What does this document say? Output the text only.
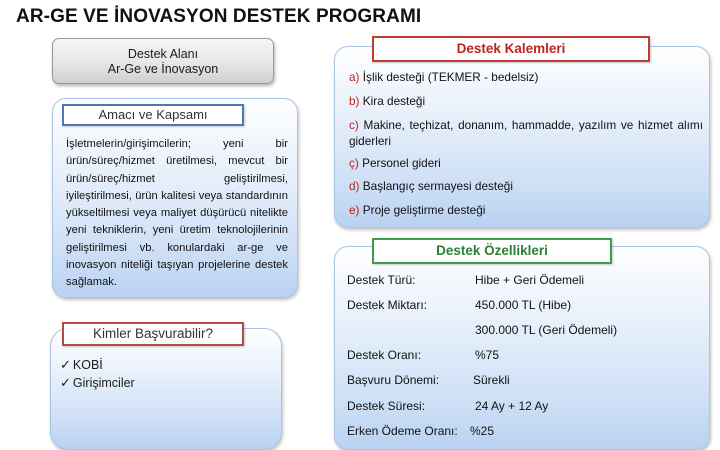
AR-GE VE İNOVASYON DESTEK PROGRAMI
Destek Alanı
Ar-Ge ve İnovasyon
Amacı ve Kapsamı
İşletmelerin/girişimcilerin; yeni bir ürün/süreç/hizmet üretilmesi, mevcut bir ürün/süreç/hizmet geliştirilmesi, iyileştirilmesi, ürün kalitesi veya standardının yükseltilmesi veya maliyet düşürücü nitelikte yeni tekniklerin, yeni üretim teknolojilerinin geliştirilmesi vb. konulardaki ar-ge ve inovasyon niteliği taşıyan projelerine destek sağlamak.
Kimler Başvurabilir?
✓ KOBİ
✓ Girişimciler
Destek Kalemleri
a) İşlik desteği (TEKMER - bedelsiz)
b) Kira desteği
c) Makine, teçhizat, donanım, hammadde, yazılım ve hizmet alımı giderleri
ç) Personel gideri
d) Başlangıç sermayesi desteği
e) Proje geliştirme desteği
Destek Özellikleri
Destek Türü:	Hibe + Geri Ödemeli
Destek Miktarı:	450.000 TL (Hibe)
300.000 TL (Geri Ödemeli)
Destek Oranı:	%75
Başvuru Dönemi:	Sürekli
Destek Süresi:	24 Ay + 12 Ay
Erken Ödeme Oranı: %25
